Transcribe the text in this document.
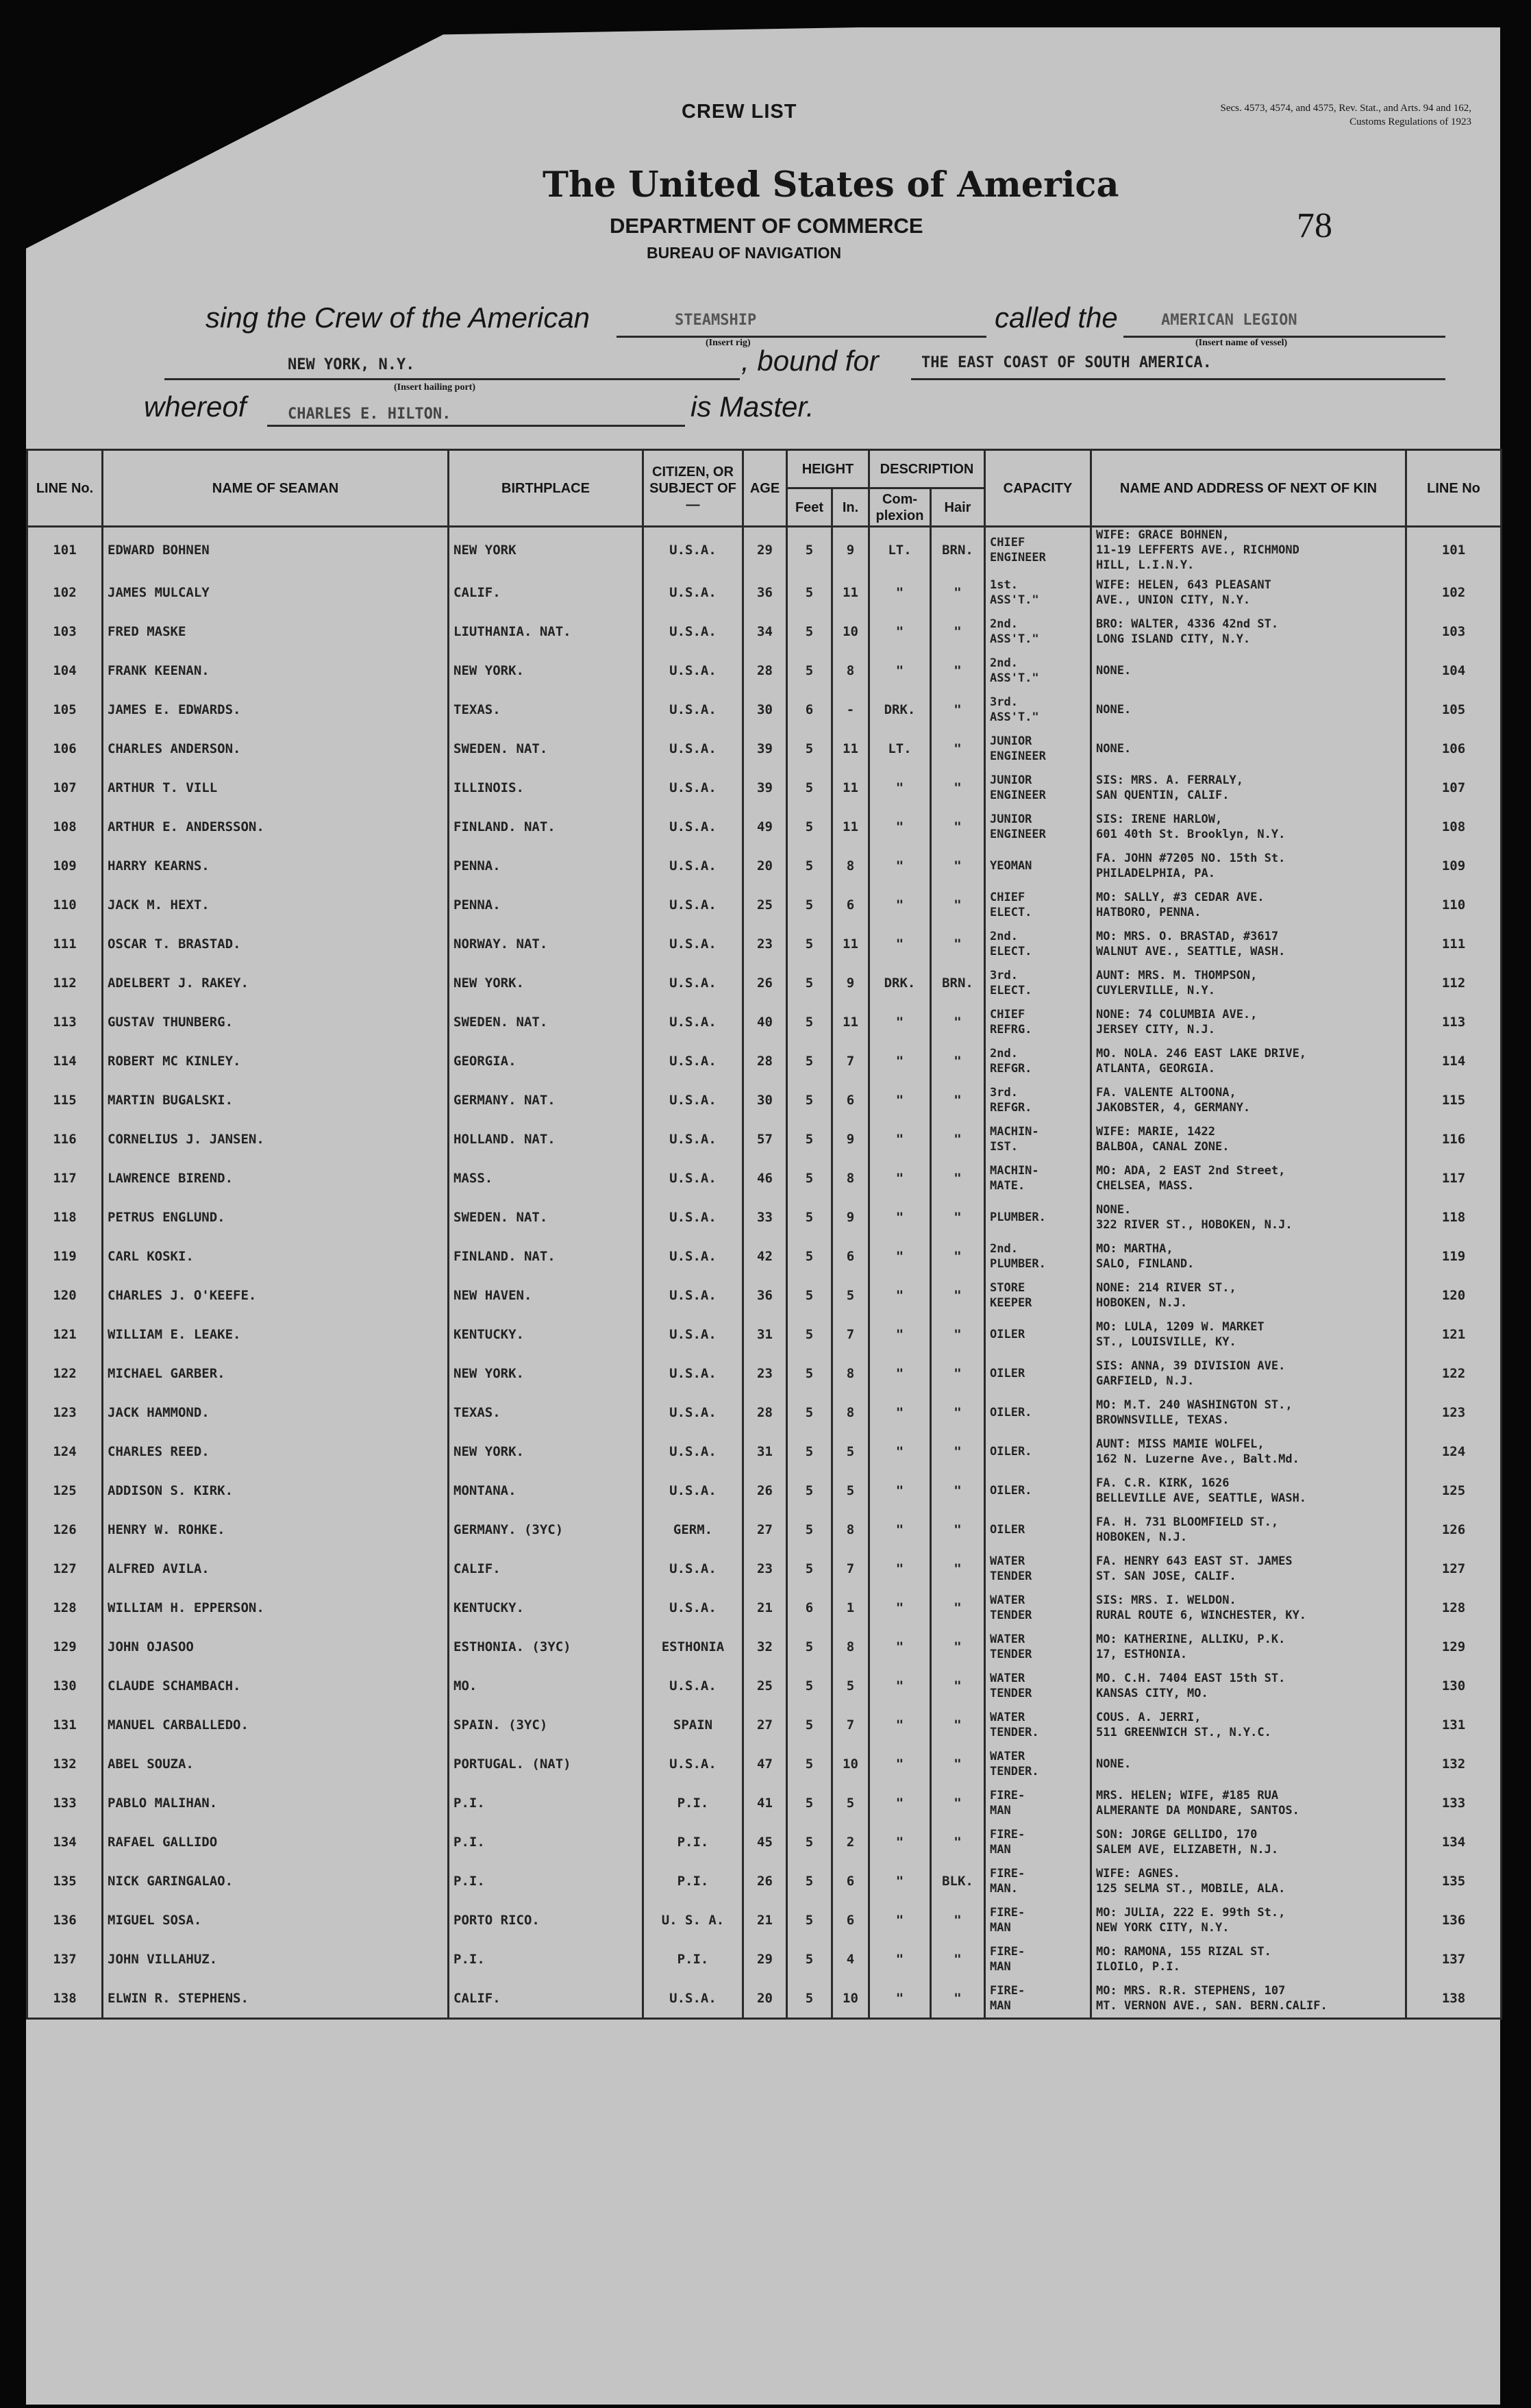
CREW LIST	Secs. 4573, 4574, and 4575, Rev. Stat., and Arts. 94 and 162, Customs Regulations of 1923
The United States of America
DEPARTMENT OF COMMERCE
BUREAU OF NAVIGATION
78
sing the Crew of the American	STEAMSHIP
(Insert rig)
called the	AMERICAN LEGION
(Insert name of vessel)
NEW YORK, N.Y.
(Insert hailing port)
, bound for	THE EAST COAST OF SOUTH AMERICA.
whereof	CHARLES E. HILTON.	is Master.
LINE No.	NAME OF SEAMAN	BIRTHPLACE	CITIZEN, OR SUBJECT OF—	AGE	HEIGHT		DESCRIPTION		CAPACITY	NAME AND ADDRESS OF NEXT OF KIN	LINE No
					Feet	In.	Com-plexion	Hair			
101	EDWARD BOHNEN	NEW YORK	U.S.A.	29	5	9	LT.	BRN.	CHIEF
ENGINEER	WIFE: GRACE BOHNEN,
11-19 LEFFERTS AVE., RICHMOND
HILL, L.I.N.Y.	101
102	JAMES MULCALY	CALIF.	U.S.A.	36	5	11	"	"	1st.
ASS'T."	WIFE: HELEN, 643 PLEASANT
AVE., UNION CITY, N.Y.	102
103	FRED MASKE	LIUTHANIA. NAT.	U.S.A.	34	5	10	"	"	2nd.
ASS'T."	BRO: WALTER, 4336 42nd ST.
LONG ISLAND CITY, N.Y.	103
104	FRANK KEENAN.	NEW YORK.	U.S.A.	28	5	8	"	"	2nd.
ASS'T."	NONE.	104
105	JAMES E. EDWARDS.	TEXAS.	U.S.A.	30	6	-	DRK.	"	3rd.
ASS'T."	NONE.	105
106	CHARLES ANDERSON.	SWEDEN. NAT.	U.S.A.	39	5	11	LT.	"	JUNIOR
ENGINEER	NONE.	106
107	ARTHUR T. VILL	ILLINOIS.	U.S.A.	39	5	11	"	"	JUNIOR
ENGINEER	SIS: MRS. A. FERRALY,
SAN QUENTIN, CALIF.	107
108	ARTHUR E. ANDERSSON.	FINLAND. NAT.	U.S.A.	49	5	11	"	"	JUNIOR
ENGINEER	SIS: IRENE HARLOW,
601 40th St. Brooklyn, N.Y.	108
109	HARRY KEARNS.	PENNA.	U.S.A.	20	5	8	"	"	YEOMAN	FA. JOHN #7205 NO. 15th St.
PHILADELPHIA, PA.	109
110	JACK M. HEXT.	PENNA.	U.S.A.	25	5	6	"	"	CHIEF
ELECT.	MO: SALLY, #3 CEDAR AVE.
HATBORO, PENNA.	110
111	OSCAR T. BRASTAD.	NORWAY. NAT.	U.S.A.	23	5	11	"	"	2nd.
ELECT.	MO: MRS. O. BRASTAD, #3617
WALNUT AVE., SEATTLE, WASH.	111
112	ADELBERT J. RAKEY.	NEW YORK.	U.S.A.	26	5	9	DRK.	BRN.	3rd.
ELECT.	AUNT: MRS. M. THOMPSON,
CUYLERVILLE, N.Y.	112
113	GUSTAV THUNBERG.	SWEDEN. NAT.	U.S.A.	40	5	11	"	"	CHIEF
REFRG.	NONE: 74 COLUMBIA AVE.,
JERSEY CITY, N.J.	113
114	ROBERT MC KINLEY.	GEORGIA.	U.S.A.	28	5	7	"	"	2nd.
REFGR.	MO. NOLA. 246 EAST LAKE DRIVE,
ATLANTA, GEORGIA.	114
115	MARTIN BUGALSKI.	GERMANY. NAT.	U.S.A.	30	5	6	"	"	3rd.
REFGR.	FA. VALENTE ALTOONA,
JAKOBSTER, 4, GERMANY.	115
116	CORNELIUS J. JANSEN.	HOLLAND. NAT.	U.S.A.	57	5	9	"	"	MACHIN-
IST.	WIFE: MARIE, 1422
BALBOA, CANAL ZONE.	116
117	LAWRENCE BIREND.	MASS.	U.S.A.	46	5	8	"	"	MACHIN-
MATE.	MO: ADA, 2 EAST 2nd Street,
CHELSEA, MASS.	117
118	PETRUS ENGLUND.	SWEDEN. NAT.	U.S.A.	33	5	9	"	"	PLUMBER.	NONE.
322 RIVER ST., HOBOKEN, N.J.	118
119	CARL KOSKI.	FINLAND. NAT.	U.S.A.	42	5	6	"	"	2nd.
PLUMBER.	MO: MARTHA,
SALO, FINLAND.	119
120	CHARLES J. O'KEEFE.	NEW HAVEN.	U.S.A.	36	5	5	"	"	STORE
KEEPER	NONE: 214 RIVER ST.,
HOBOKEN, N.J.	120
121	WILLIAM E. LEAKE.	KENTUCKY.	U.S.A.	31	5	7	"	"	OILER	MO: LULA, 1209 W. MARKET
ST., LOUISVILLE, KY.	121
122	MICHAEL GARBER.	NEW YORK.	U.S.A.	23	5	8	"	"	OILER	SIS: ANNA, 39 DIVISION AVE.
GARFIELD, N.J.	122
123	JACK HAMMOND.	TEXAS.	U.S.A.	28	5	8	"	"	OILER.	MO: M.T. 240 WASHINGTON ST.,
BROWNSVILLE, TEXAS.	123
124	CHARLES REED.	NEW YORK.	U.S.A.	31	5	5	"	"	OILER.	AUNT: MISS MAMIE WOLFEL,
162 N. Luzerne Ave., Balt.Md.	124
125	ADDISON S. KIRK.	MONTANA.	U.S.A.	26	5	5	"	"	OILER.	FA. C.R. KIRK, 1626
BELLEVILLE AVE, SEATTLE, WASH.	125
126	HENRY W. ROHKE.	GERMANY. (3YC)	GERM.	27	5	8	"	"	OILER	FA. H. 731 BLOOMFIELD ST.,
HOBOKEN, N.J.	126
127	ALFRED AVILA.	CALIF.	U.S.A.	23	5	7	"	"	WATER
TENDER	FA. HENRY 643 EAST ST. JAMES
ST. SAN JOSE, CALIF.	127
128	WILLIAM H. EPPERSON.	KENTUCKY.	U.S.A.	21	6	1	"	"	WATER
TENDER	SIS: MRS. I. WELDON.
RURAL ROUTE 6, WINCHESTER, KY.	128
129	JOHN OJASOO	ESTHONIA. (3YC)	ESTHONIA	32	5	8	"	"	WATER
TENDER	MO: KATHERINE, ALLIKU, P.K.
17, ESTHONIA.	129
130	CLAUDE SCHAMBACH.	MO.	U.S.A.	25	5	5	"	"	WATER
TENDER	MO. C.H. 7404 EAST 15th ST.
KANSAS CITY, MO.	130
131	MANUEL CARBALLEDO.	SPAIN. (3YC)	SPAIN	27	5	7	"	"	WATER
TENDER.	COUS. A. JERRI,
511 GREENWICH ST., N.Y.C.	131
132	ABEL SOUZA.	PORTUGAL. (NAT)	U.S.A.	47	5	10	"	"	WATER
TENDER.	NONE.	132
133	PABLO MALIHAN.	P.I.	P.I.	41	5	5	"	"	FIRE-
MAN	MRS. HELEN; WIFE, #185 RUA
ALMERANTE DA MONDARE, SANTOS.	133
134	RAFAEL GALLIDO	P.I.	P.I.	45	5	2	"	"	FIRE-
MAN	SON: JORGE GELLIDO, 170
SALEM AVE, ELIZABETH, N.J.	134
135	NICK GARINGALAO.	P.I.	P.I.	26	5	6	"	BLK.	FIRE-
MAN.	WIFE: AGNES.
125 SELMA ST., MOBILE, ALA.	135
136	MIGUEL SOSA.	PORTO RICO.	U. S. A.	21	5	6	"	"	FIRE-
MAN	MO: JULIA, 222 E. 99th St.,
NEW YORK CITY, N.Y.	136
137	JOHN VILLAHUZ.	P.I.	P.I.	29	5	4	"	"	FIRE-
MAN	MO: RAMONA, 155 RIZAL ST.
ILOILO, P.I.	137
138	ELWIN R. STEPHENS.	CALIF.	U.S.A.	20	5	10	"	"	FIRE-
MAN	MO: MRS. R.R. STEPHENS, 107
MT. VERNON AVE., SAN. BERN.CALIF.	138
